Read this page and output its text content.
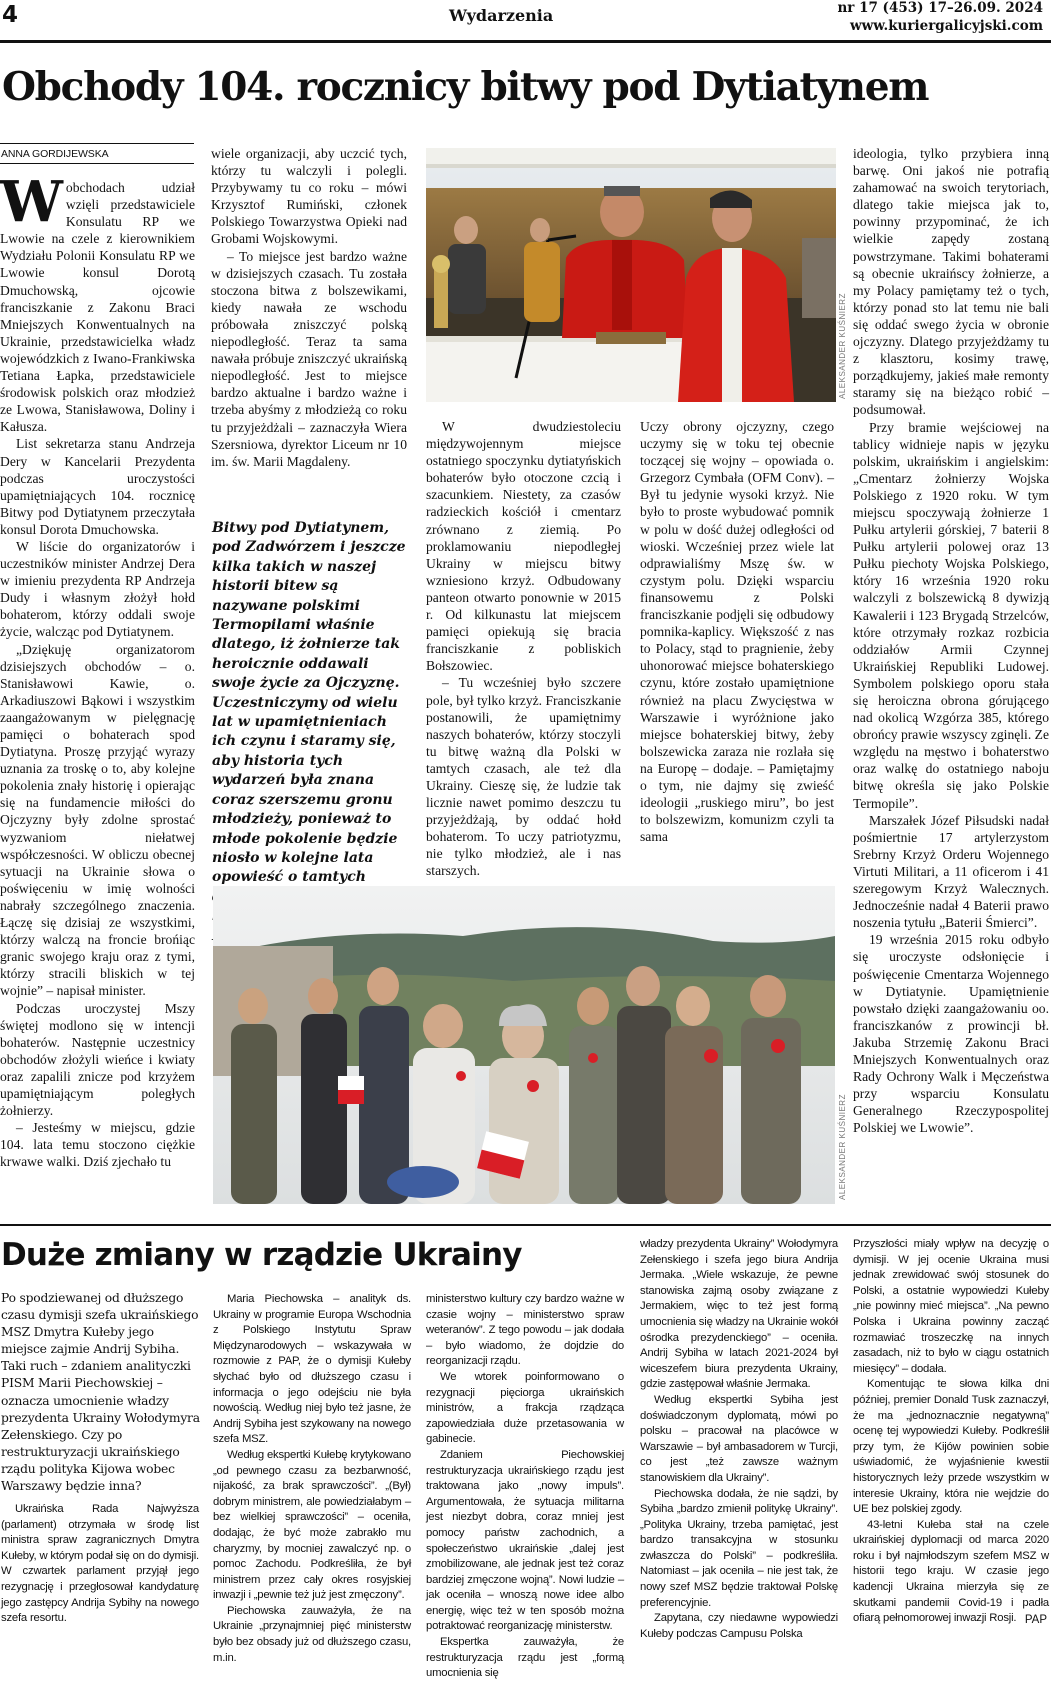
4	Wydarzenia	nr 17 (453) 17–26.09. 2024
www.kuriergalicyjski.com
Obchody 104. rocznicy bitwy pod Dytiatynem
ANNA GORDIJEWSKA
W obchodach udział wzięli przedstawiciele Konsulatu RP we Lwowie na czele z kierownikiem Wydziału Polonii Konsulatu RP we Lwowie konsul Dorotą Dmuchowską, ojcowie franciszkanie z Zakonu Braci Mniejszych Konwentualnych na Ukrainie, przedstawicielka władz wojewódzkich z Iwano-Frankiwska Tetiana Łapka, przedstawiciele środowisk polskich oraz młodzież ze Lwowa, Stanisławowa, Doliny i Kałusza.

List sekretarza stanu Andrzeja Dery w Kancelarii Prezydenta podczas uroczystości upamiętniających 104. rocznicę Bitwy pod Dytiatynem przeczytała konsul Dorota Dmuchowska.

W liście do organizatorów i uczestników minister Andrzej Dera w imieniu prezydenta RP Andrzeja Dudy i własnym złożył hołd bohaterom, którzy oddali swoje życie, walcząc pod Dytiatynem.

„Dziękuję organizatorom dzisiejszych obchodów – o. Stanisławowi Kawie, o. Arkadiuszowi Bąkowi i wszystkim zaangażowanym w pielęgnację pamięci o bohaterach spod Dytiatyna. Proszę przyjąć wyrazy uznania za troskę o to, aby kolejne pokolenia znały historię i opierając się na fundamencie miłości do Ojczyzny były zdolne sprostać wyzwaniom niełatwej współczesności. W obliczu obecnej sytuacji na Ukrainie słowa o poświęceniu w imię wolności nabrały szczególnego znaczenia. Łączę się dzisiaj ze wszystkimi, którzy walczą na froncie brońiąc granic swojego kraju oraz z tymi, którzy stracili bliskich w tej wojnie” – napisał minister.

Podczas uroczystej Mszy świętej modlono się w intencji bohaterów. Następnie uczestnicy obchodów złożyli wieńce i kwiaty oraz zapalili znicze pod krzyżem upamiętniającym poległych żołnierzy.

– Jesteśmy w miejscu, gdzie 104. lata temu stoczono ciężkie krwawe walki. Dziś zjechało tu

wiele organizacji, aby uczcić tych, którzy tu walczyli i polegli. Przybywamy tu co roku – mówi Krzysztof Rumiński, członek Polskiego Towarzystwa Opieki nad Grobami Wojskowymi.

– To miejsce jest bardzo ważne w dzisiejszych czasach. Tu została stoczona bitwa z bolszewikami, kiedy nawała ze wschodu próbowała zniszczyć polską niepodległość. Teraz ta sama nawała próbuje zniszczyć ukraińską niepodległość. Jest to miejsce bardzo aktualne i bardzo ważne i trzeba abyśmy z młodzieżą co roku tu przyjeżdżali – zaznaczyła Wiera Szersniowa, dyrektor Liceum nr 10 im. św. Marii Magdaleny.

Bitwy pod Dytiatynem, pod Zadwórzem i jeszcze kilka takich w naszej historii bitew są nazywane polskimi Termopilami właśnie dlatego, iż żołnierze tak heroicznie oddawali swoje życie za Ojczyznę. Uczestniczymy od wielu lat w upamiętnieniach ich czynu i staramy się, aby historia tych wydarzeń była znana coraz szerszemu gronu młodzieży, ponieważ to młode pokolenie będzie niosło w kolejne lata opowieść o tamtych
ALEKSANDER KUŚNIERZ

W dwudziestoleciu międzywojennym miejsce ostatniego spoczynku dytiatyńskich bohaterów było otoczone czcią i szacunkiem. Niestety, za czasów radzieckich kościół i cmentarz zrównano z ziemią. Po proklamowaniu niepodległej Ukrainy w miejscu bitwy wzniesiono krzyż. Odbudowany panteon otwarto ponownie w 2015 r. Od kilkunastu lat miejscem pamięci opiekują się bracia franciszkanie z pobliskich Bołszowiec.

– Tu wcześniej było szczere pole, był tylko krzyż. Franciszkanie postanowili, że upamiętnimy naszych bohaterów, którzy stoczyli tu bitwę ważną dla Polski w tamtych czasach, ale też dla Ukrainy. Cieszę się, że ludzie tak licznie nawet pomimo deszczu tu przyjeżdżają, by oddać hołd bohaterom. To uczy patriotyzmu, nie tylko młodzież, ale i nas starszych.

Uczy obrony ojczyzny, czego uczymy się w toku tej obecnie toczącej się wojny – opowiada o. Grzegorz Cymbała (OFM Conv). – Był tu jedynie wysoki krzyż. Nie było to proste wybudować pomnik w polu w dość dużej odległości od wioski. Wcześniej przez wiele lat odprawialiśmy Mszę św. w czystym polu. Dzięki wsparciu finansowemu z Polski franciszkanie podjęli się odbudowy pomnika-kaplicy. Większość z nas to Polacy, stąd to pragnienie, żeby uhonorować miejsce bohaterskiego czynu, które zostało upamiętnione również na placu Zwycięstwa w Warszawie i wyróżnione jako miejsce bohaterskiej bitwy, żeby bolszewicka zaraza nie rozlała się na Europę – dodaje. – Pamiętajmy o tym, nie dajmy się zwieść ideologii „ruskiego miru”, bo jest to bolszewizm, komunizm czyli ta sama

ideologia, tylko przybiera inną barwę. Oni jakoś nie potrafią zahamować na swoich terytoriach, dlatego takie miejsca jak to, powinny przypominać, że ich wielkie zapędy zostaną powstrzymane. Takimi bohaterami są obecnie ukraińscy żołnierze, a my Polacy pamiętamy też o tych, którzy ponad sto lat temu nie bali się oddać swego życia w obronie ojczyzny. Dlatego przyjeżdżamy tu z klasztoru, kosimy trawę, porządkujemy, jakieś małe remonty staramy się na bieżąco robić – podsumował.

Przy bramie wejściowej na tablicy widnieje napis w języku polskim, ukraińskim i angielskim: „Cmentarz żołnierzy Wojska Polskiego z 1920 roku. W tym miejscu spoczywają żołnierze 1 Pułku artylerii górskiej, 7 baterii 8 Pułku artylerii polowej oraz 13 Pułku piechoty Wojska Polskiego, który 16 września 1920 roku walczyli z bolszewicką 8 dywizją Kawalerii i 123 Brygadą Strzelców, które otrzymały rozkaz rozbicia oddziałów Armii Czynnej Ukraińskiej Republiki Ludowej. Symbolem polskiego oporu stała się heroiczna obrona górującego nad okolicą Wzgórza 385, którego obrońcy prawie wszyscy zginęli. Ze względu na męstwo i bohaterstwo oraz walkę do ostatniego naboju bitwę określa się jako Polskie Termopile”.

Marszałek Józef Piłsudski nadał pośmiertnie 17 artylerzystom Srebrny Krzyż Orderu Wojennego Virtuti Militari, a 11 oficerom i 41 szeregowym Krzyż Walecznych. Jednocześnie nadał 4 Baterii prawo noszenia tytułu „Baterii Śmierci”.

19 września 2015 roku odbyło się uroczyste odsłonięcie i poświęcenie Cmentarza Wojennego w Dytiatynie. Upamiętnienie powstało dzięki zaangażowaniu oo. franciszkanów z prowincji bł. Jakuba Strzemię Zakonu Braci Mniejszych Konwentualnych oraz Rady Ochrony Walk i Męczeństwa przy wsparciu Konsulatu Generalnego Rzeczypospolitej Polskiej we Lwowie”.

ALEKSANDER KUŚNIERZ
Duże zmiany w rządzie Ukrainy
Po spodziewanej od dłuższego czasu dymisji szefa ukraińskiego MSZ Dmytra Kułeby jego miejsce zajmie Andrij Sybiha. Taki ruch – zdaniem analityczki PISM Marii Piechowskiej – oznacza umocnienie władzy prezydenta Ukrainy Wołodymyra Zełenskiego. Czy po restrukturyzacji ukraińskiego rządu polityka Kijowa wobec Warszawy będzie inna?

Ukraińska Rada Najwyższa (parlament) otrzymała w środę list ministra spraw zagranicznych Dmytra Kułeby, w którym podał się on do dymisji. W czwartek parlament przyjął jego rezygnację i przegłosował kandydaturę jego zastępcy Andrija Sybihy na nowego szefa resortu.

Maria Piechowska – analityk ds. Ukrainy w programie Europa Wschodnia z Polskiego Instytutu Spraw Międzynarodowych – wskazywała w rozmowie z PAP, że o dymisji Kułeby słychać było od dłuższego czasu i informacja o jego odejściu nie była nowością. Według niej było też jasne, że Andrij Sybiha jest szykowany na nowego szefa MSZ.

Według ekspertki Kułebę krytykowano „od pewnego czasu za bezbarwność, nijakość, za brak sprawczości”. „(Był) dobrym ministrem, ale powiedziałabym – bez wielkiej sprawczości” – oceniła, dodając, że być może zabrakło mu charyzmy, by mocniej zawalczyć np. o pomoc Zachodu. Podkreśliła, że był ministrem przez cały okres rosyjskiej inwazji i „pewnie też już jest zmęczony”.

Piechowska zauważyła, że na Ukrainie „przynajmniej pięć ministerstw było bez obsady już od dłuższego czasu, m.in.

ministerstwo kultury czy bardzo ważne w czasie wojny – ministerstwo spraw weteranów”. Z tego powodu – jak dodała – było wiadomo, że dojdzie do reorganizacji rządu.

We wtorek poinformowano o rezygnacji pięciorga ukraińskich ministrów, a frakcja rządząca zapowiedziała duże przetasowania w gabinecie.

Zdaniem Piechowskiej restrukturyzacja ukraińskiego rządu jest traktowana jako „nowy impuls”. Argumentowała, że sytuacja militarna jest niezbyt dobra, coraz mniej jest pomocy państw zachodnich, a społeczeństwo ukraińskie „dalej jest zmobilizowane, ale jednak jest też coraz bardziej zmęczone wojną”. Nowi ludzie – jak oceniła – wnoszą nowe idee albo energię, więc też w ten sposób można potraktować reorganizację ministerstw.

Ekspertka zauważyła, że restrukturyzacja rządu jest „formą umocnienia się

władzy prezydenta Ukrainy” Wołodymyra Zełenskiego i szefa jego biura Andrija Jermaka. „Wiele wskazuje, że pewne stanowiska zajmą osoby związane z Jermakiem, więc to też jest formą umocnienia się władzy na Ukrainie wokół ośrodka prezydenckiego” – oceniła. Andrij Sybiha w latach 2021-2024 był wiceszefem biura prezydenta Ukrainy, gdzie zastępował właśnie Jermaka.

Według ekspertki Sybiha jest doświadczonym dyplomatą, mówi po polsku – pracował na placówce w Warszawie – był ambasadorem w Turcji, co jest „też zawsze ważnym stanowiskiem dla Ukrainy”.

Piechowska dodała, że nie sądzi, by Sybiha „bardzo zmienił politykę Ukrainy”. „Polityka Ukrainy, trzeba pamiętać, jest bardzo transakcyjna w stosunku zwłaszcza do Polski” – podkreśliła. Natomiast – jak oceniła – nie jest tak, że nowy szef MSZ będzie traktował Polskę preferencyjnie.

Zapytana, czy niedawne wypowiedzi Kułeby podczas Campusu Polska

Przyszłości miały wpływ na decyzję o dymisji. W jej ocenie Ukraina musi jednak zrewidować swój stosunek do Polski, a ostatnie wypowiedzi Kułeby „nie powinny mieć miejsca”. „Na pewno Polska i Ukraina powinny zacząć rozmawiać troszeczkę na innych zasadach, niż to było w ciągu ostatnich miesięcy” – dodała.

Komentując te słowa kilka dni później, premier Donald Tusk zaznaczył, że ma „jednoznacznie negatywną” ocenę tej wypowiedzi Kułeby. Podkreślił przy tym, że Kijów powinien sobie uświadomić, że wyjaśnienie kwestii historycznych leży przede wszystkim w interesie Ukrainy, która nie wejdzie do UE bez polskiej zgody.

43-letni Kułeba stał na czele ukraińskiej dyplomacji od marca 2020 roku i był najmłodszym szefem MSZ w historii tego kraju. W czasie jego kadencji Ukraina mierzyła się ze skutkami pandemii Covid-19 i padła ofiarą pełnomorowej inwazji Rosji. PAP
